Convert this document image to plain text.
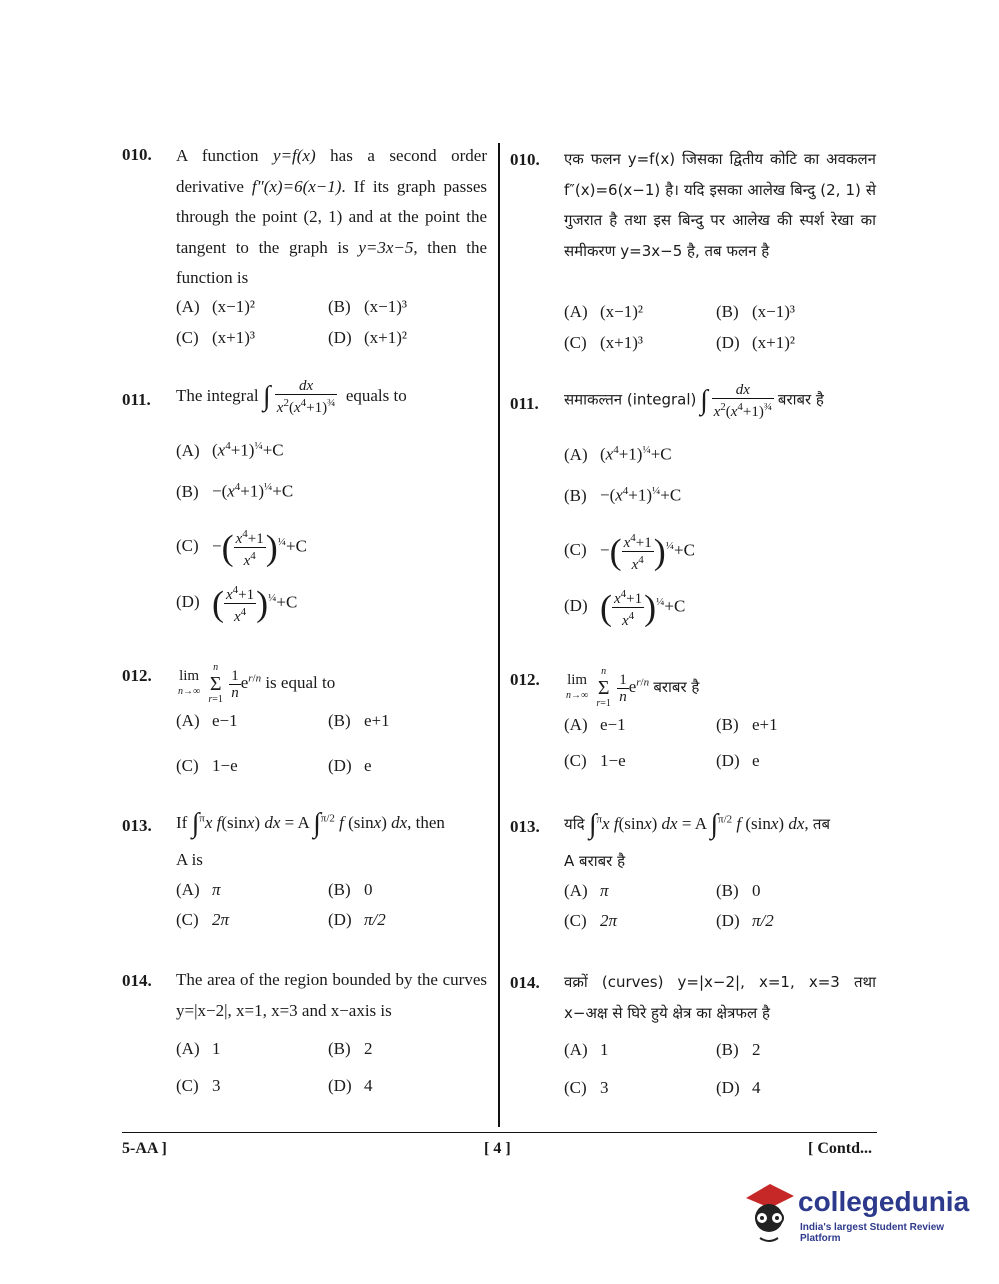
010. A function y=f(x) has a second order derivative f″(x)=6(x−1). If its graph passes through the point (2, 1) and at the point the tangent to the graph is y=3x−5, then the function is
(A) (x−1)²	(B) (x−1)³
(C) (x+1)³	(D) (x+1)²
011. The integral ∫ $\frac{dx}{x^2(x^4+1)^{\frac{3}{4}}}$ equals to
(A) $(x^4+1)^{\frac{1}{4}}+C$
$(B) -(x^4+1)^{\frac{1}{4}}+C$
(C) −( $\frac{x^4+1}{x^4} )^{\frac{1}{4}}+C$
(D) ( $\frac{x^4+1}{x^4} )^{\frac{1}{4}}+C$
012. lim
n→∞

n
Σ
r=1
$\frac{1}{n} e^{r/n}$ is equal to
(A) e−1	(B) e+1
(C) 1−e	(D) e
013. If ∫$^\pi$x f(sinx) dx = A ∫$^{\pi/2}$ f (sinx) dx, then
A is
(A) π	(B) 0
(C) 2π	(D) π/2
014. The area of the region bounded by the curves y=|x−2|, x=1, x=3 and x−axis is
(A) 1	(B) 2
(C) 3	(D) 4
010. एक फलन y=f(x) जिसका द्वितीय कोटि का अवकलन f″(x)=6(x−1) है। यदि इसका आलेख बिन्दु (2, 1) से गुजरात है तथा इस बिन्दु पर आलेख की स्पर्श रेखा का समीकरण y=3x−5 है, तब फलन है
(A) (x−1)²	(B) (x−1)³
(C) (x+1)³	(D) (x+1)²
011. समाकल्तन (integral) ∫ $\frac{dx}{x^2(x^4+1)^{\frac{3}{4}}}$ बराबर है
(A) $(x^4+1)^{\frac{1}{4}}+C$
$(B) -(x^4+1)^{\frac{1}{4}}+C$
(C) −( $\frac{x^4+1}{x^4} )^{\frac{1}{4}}+C$
(D) ( $\frac{x^4+1}{x^4} )^{\frac{1}{4}}+C$
012. lim
n→∞

n
Σ
r=1
$\frac{1}{n} e^{r/n}$ बराबर है
(A) e−1	(B) e+1
(C) 1−e	(D) e
013. यदि ∫$^\pi$x f(sinx) dx = A ∫$^{\pi/2}$ f (sinx) dx, तब
A बराबर है
(A) π	(B) 0
(C) 2π	(D) π/2
014. वक्रों (curves) y=|x−2|, x=1, x=3 तथा x−अक्ष से घिरे हुये क्षेत्र का क्षेत्रफल है
(A) 1	(B) 2
(C) 3	(D) 4
5-AA ]	[ 4 ]	[ Contd...
collegedunia
India's largest Student Review Platform
